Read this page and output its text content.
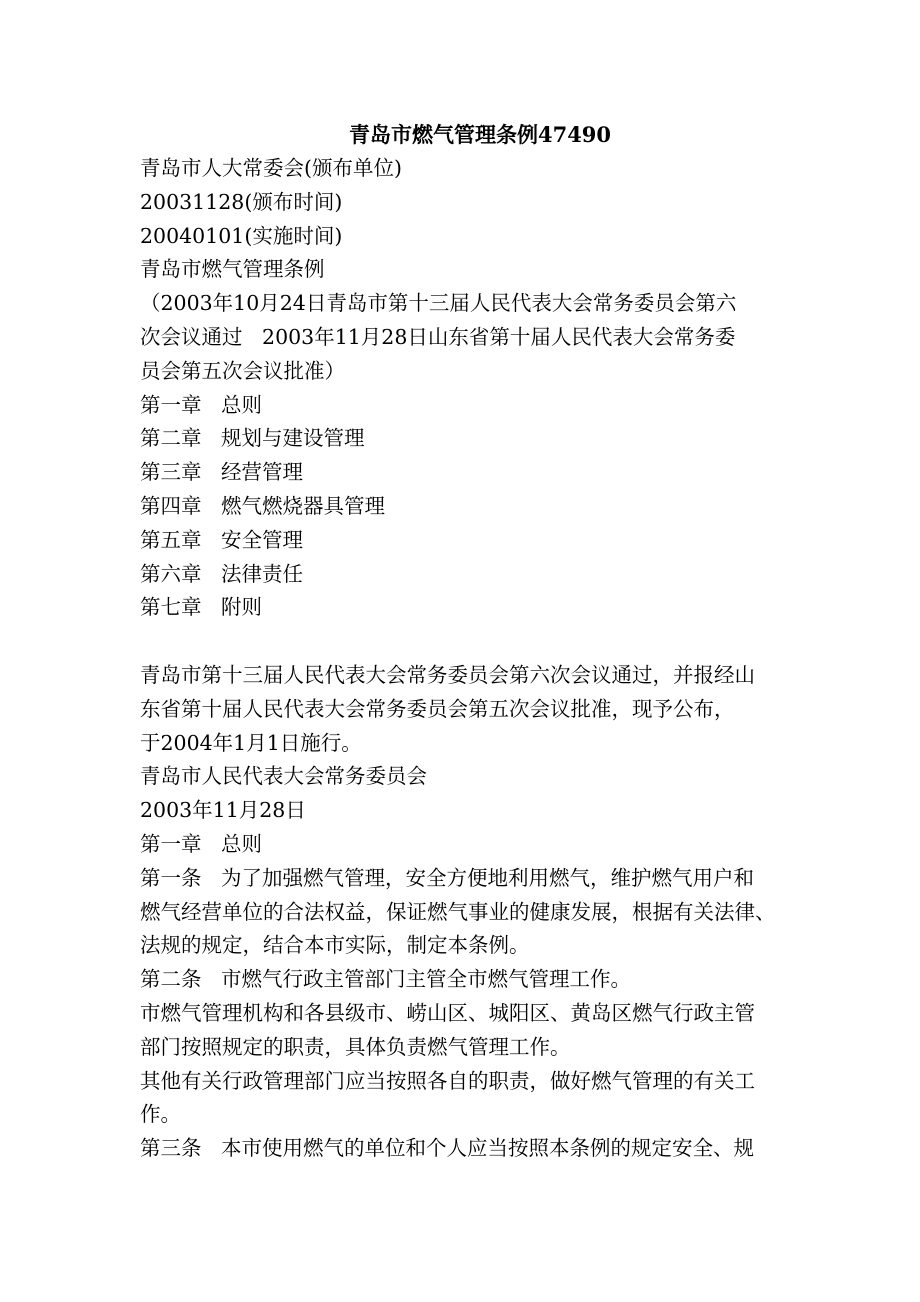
青岛市燃气管理条例47490

青岛市人大常委会(颁布单位)

20031128(颁布时间)

20040101(实施时间)

青岛市燃气管理条例

（2003年10月24日青岛市第十三届人民代表大会常务委员会第六

次会议通过   2003年11月28日山东省第十届人民代表大会常务委

员会第五次会议批准）

第一章   总则

第二章   规划与建设管理

第三章   经营管理

第四章   燃气燃烧器具管理

第五章   安全管理

第六章   法律责任

第七章   附则

青岛市第十三届人民代表大会常务委员会第六次会议通过，并报经山

东省第十届人民代表大会常务委员会第五次会议批准，现予公布，

于2004年1月1日施行。

青岛市人民代表大会常务委员会

2003年11月28日

第一章   总则

第一条   为了加强燃气管理，安全方便地利用燃气，维护燃气用户和

燃气经营单位的合法权益，保证燃气事业的健康发展，根据有关法律、

法规的规定，结合本市实际，制定本条例。

第二条   市燃气行政主管部门主管全市燃气管理工作。

市燃气管理机构和各县级市、崂山区、城阳区、黄岛区燃气行政主管

部门按照规定的职责，具体负责燃气管理工作。

其他有关行政管理部门应当按照各自的职责，做好燃气管理的有关工

作。

第三条   本市使用燃气的单位和个人应当按照本条例的规定安全、规
